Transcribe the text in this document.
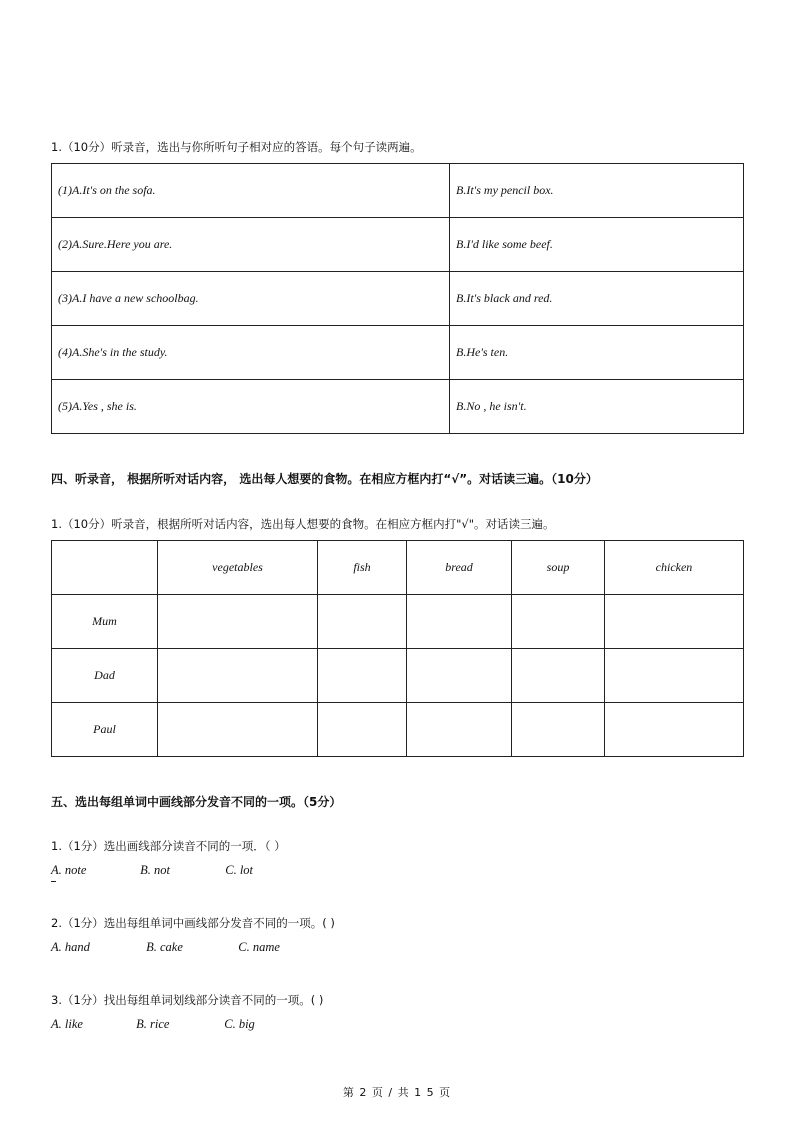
1.（10分）听录音，选出与你所听句子相对应的答语。每个句子读两遍。
(1)A.It's on the sofa.	B.It's my pencil box.
(2)A.Sure.Here you are.	B.I'd like some beef.
(3)A.I have a new schoolbag.	B.It's black and red.
(4)A.She's in the study.	B.He's ten.
(5)A.Yes , she is.	B.No , he isn't.
四、听录音， 根据所听对话内容， 选出每人想要的食物。在相应方框内打“√”。对话读三遍。（10分）
1.（10分）听录音，根据所听对话内容，选出每人想要的食物。在相应方框内打"√"。对话读三遍。
	vegetables	fish	bread	soup	chicken
Mum					
Dad					
Paul					
五、选出每组单词中画线部分发音不同的一项。（5分）
1.（1分）选出画线部分读音不同的一项．（ ）
A. note	B. not	C. lot
2.（1分）选出每组单词中画线部分发音不同的一项。( )
A. hand	B. cake	C. name
3.（1分）找出每组单词划线部分读音不同的一项。( )
A. like	B. rice	C. big
第 2 页 / 共 1 5 页
